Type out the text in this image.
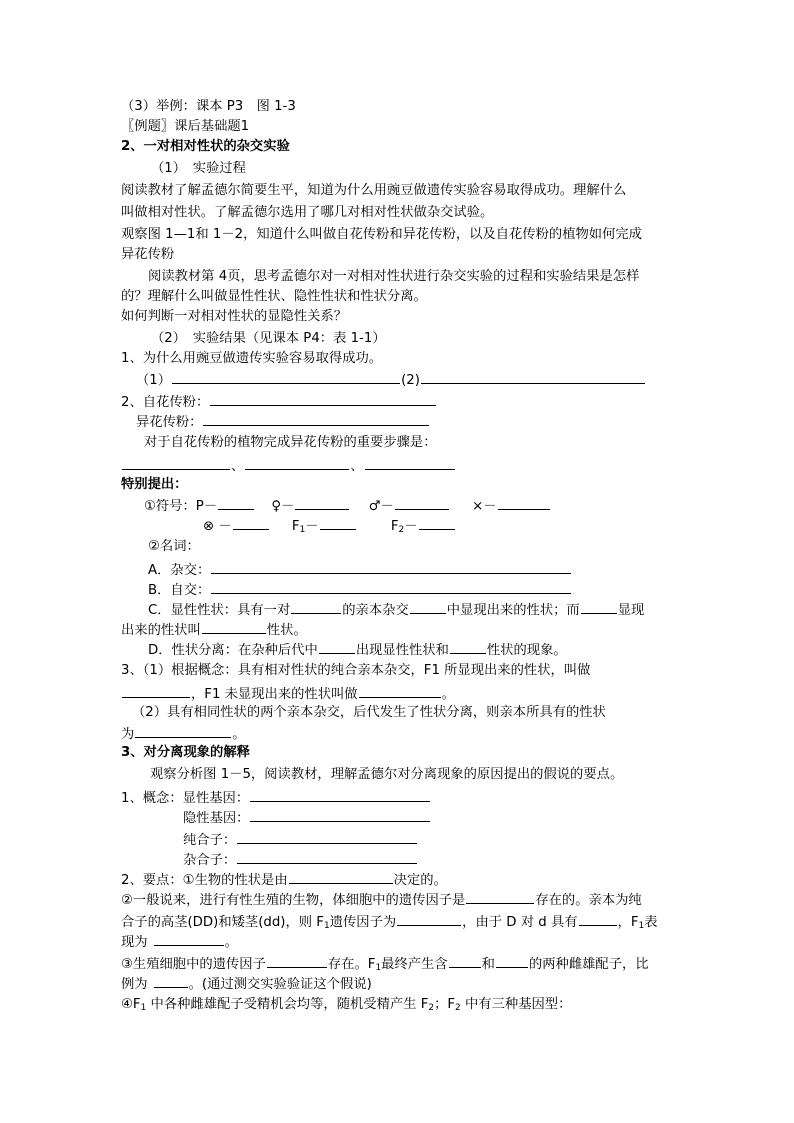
（3）举例：课本 P3　图 1-3
〖例题〗课后基础题1
2、一对相对性状的杂交实验
（1）　实验过程
阅读教材了解孟德尔简要生平，知道为什么用豌豆做遗传实验容易取得成功。理解什么
叫做相对性状。了解孟德尔选用了哪几对相对性状做杂交试验。
观察图 1—1和 1－2，知道什么叫做自花传粉和异花传粉，以及自花传粉的植物如何完成
异花传粉
阅读教材第 4页，思考孟德尔对一对相对性状进行杂交实验的过程和实验结果是怎样
的？理解什么叫做显性性状、隐性性状和性状分离。
如何判断一对相对性状的显隐性关系？
（2）　实验结果（见课本 P4：表 1-1）
1、为什么用豌豆做遗传实验容易取得成功。
（1）	(2)
2、自花传粉：
异花传粉：
对于自花传粉的植物完成异花传粉的重要步骤是：
、	、
特别提出：
①符号：P－	♀－	♂－	×－
⊗ －	$F_1-$	$F_2-$
②名词：
A．杂交：
B．自交：
C．显性性状：具有一对	的亲本杂交	中显现出来的性状；而	显现
出来的性状叫	性状。
D．性状分离：在杂种后代中	出现显性性状和	性状的现象。
3、（1）根据概念：具有相对性状的纯合亲本杂交，F1 所显现出来的性状，叫做
，F1 未显现出来的性状叫做	。
（2）具有相同性状的两个亲本杂交，后代发生了性状分离，则亲本所具有的性状
为	。
3、对分离现象的解释
观察分析图 1－5，阅读教材，理解孟德尔对分离现象的原因提出的假说的要点。
1、概念：显性基因：
隐性基因：
纯合子：
杂合子：
2、要点：①生物的性状是由	决定的。
②一般说来，进行有性生殖的生物，体细胞中的遗传因子是	存在的。亲本为纯
合子的高茎(DD)和矮茎(dd)，则 $F_1$遗传因子为	，由于 D 对 d 具有	，$F_1$表
现为	。
③生殖细胞中的遗传因子	存在。$F_1$最终产生含	和	的两种雌雄配子，比
例为	。(通过测交实验验证这个假说)
$④F_1$ 中各种雌雄配子受精机会均等，随机受精产生 $F_2$；$F_2$ 中有三种基因型：
